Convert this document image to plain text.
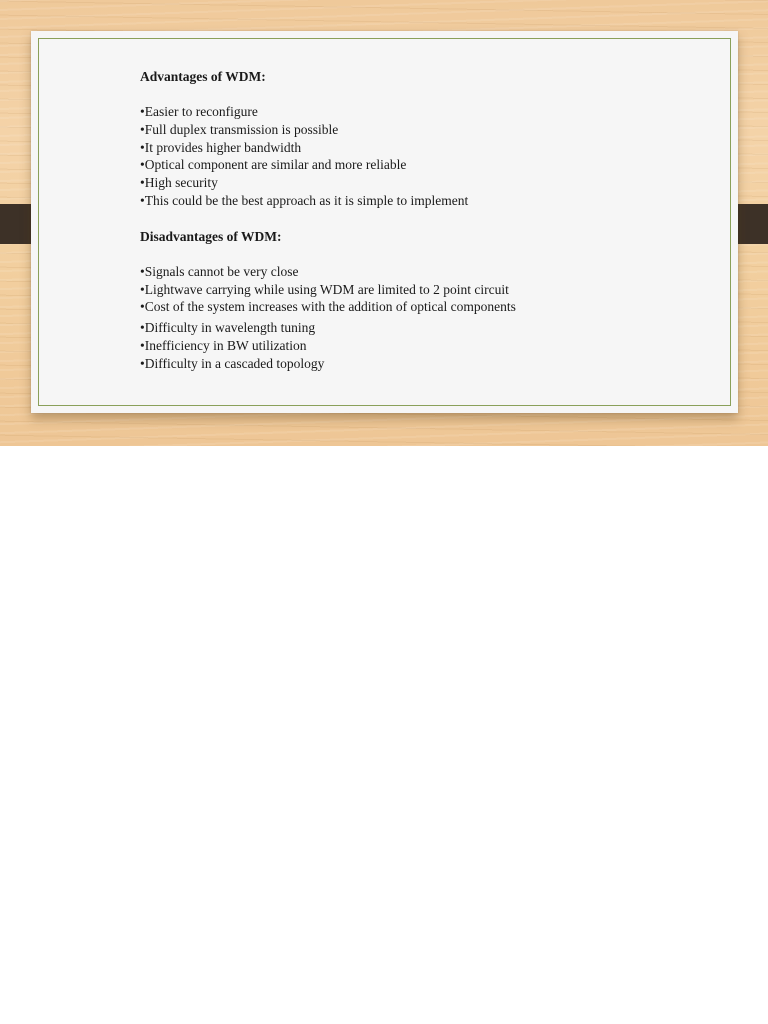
Advantages of WDM:
•Easier to reconfigure
•Full duplex transmission is possible
•It provides higher bandwidth
•Optical component are similar and more reliable
•High security
•This could be the best approach as it is simple to implement
Disadvantages of WDM:
•Signals cannot be very close
•Lightwave carrying while using WDM are limited to 2 point circuit
•Cost of the system increases with the addition of optical components
•Difficulty in wavelength tuning
•Inefficiency in BW utilization
•Difficulty in a cascaded topology
